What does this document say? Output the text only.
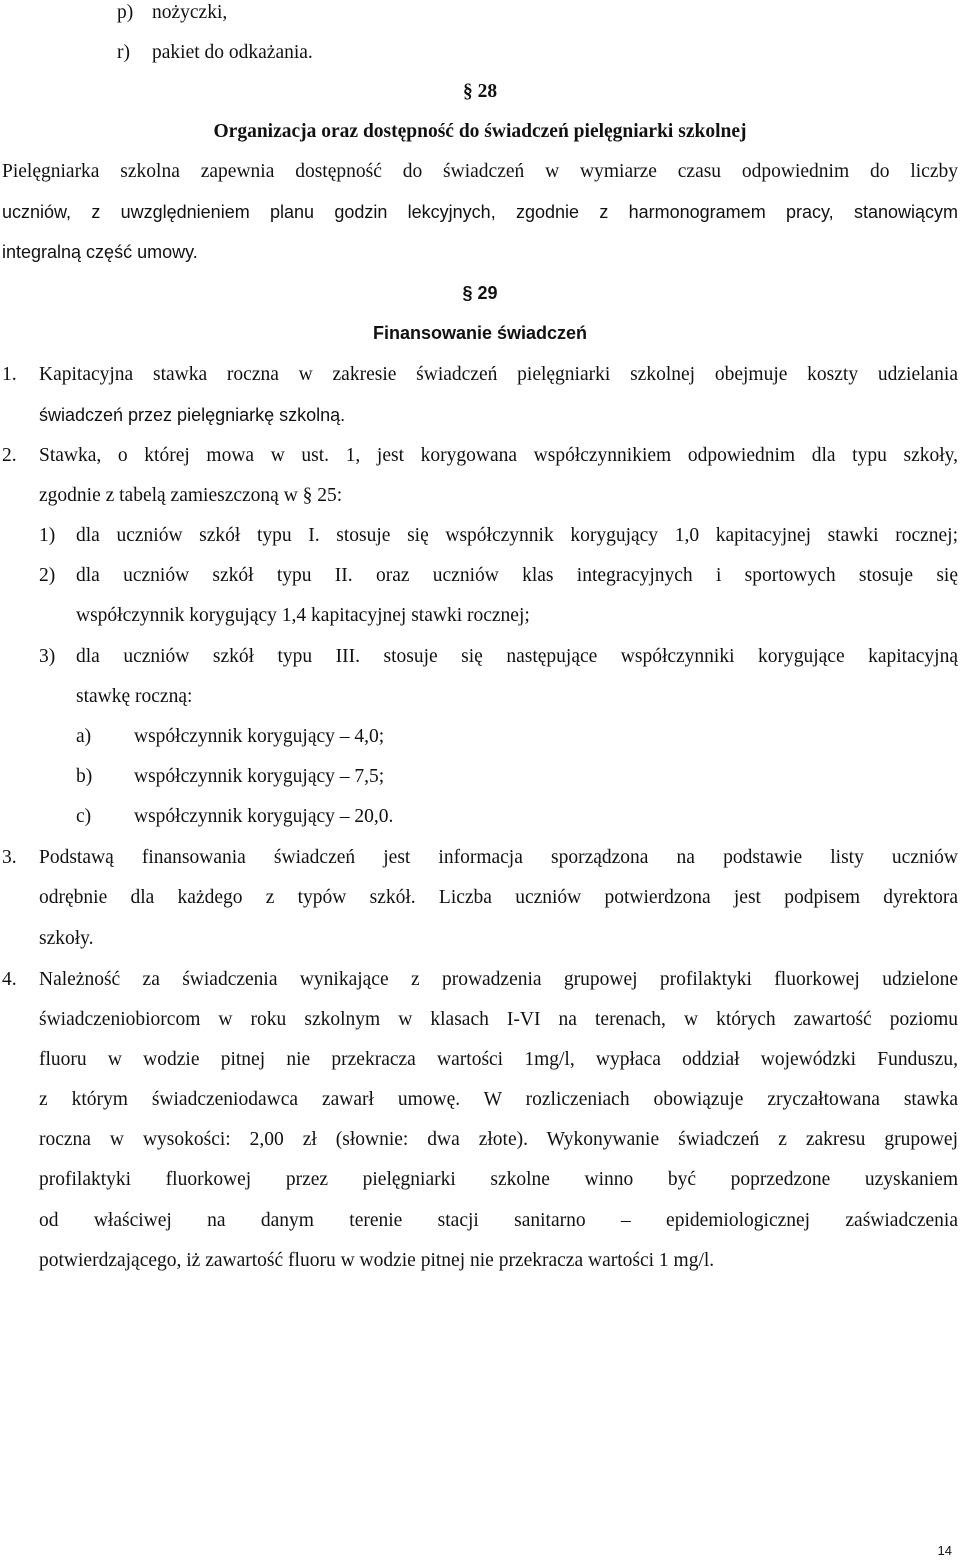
p) nożyczki,
r) pakiet do odkażania.
§ 28
Organizacja oraz dostępność do świadczeń pielęgniarki szkolnej
Pielęgniarka szkolna zapewnia dostępność do świadczeń w wymiarze czasu odpowiednim do liczby
uczniów, z uwzględnieniem planu godzin lekcyjnych, zgodnie z harmonogramem pracy, stanowiącym
integralną część umowy.
§ 29
Finansowanie świadczeń
1. Kapitacyjna stawka roczna w zakresie świadczeń pielęgniarki szkolnej obejmuje koszty udzielania
świadczeń przez pielęgniarkę szkolną.
2. Stawka, o której mowa w ust. 1, jest korygowana współczynnikiem odpowiednim dla typu szkoły,
zgodnie z tabelą zamieszczoną w § 25:
1) dla uczniów szkół typu I. stosuje się współczynnik korygujący 1,0 kapitacyjnej stawki rocznej;
2) dla uczniów szkół typu II. oraz uczniów klas integracyjnych i sportowych stosuje się
współczynnik korygujący 1,4 kapitacyjnej stawki rocznej;
3) dla uczniów szkół typu III. stosuje się następujące współczynniki korygujące kapitacyjną
stawkę roczną:
a) współczynnik korygujący – 4,0;
b) współczynnik korygujący – 7,5;
c) współczynnik korygujący – 20,0.
3. Podstawą finansowania świadczeń jest informacja sporządzona na podstawie listy uczniów
odrębnie dla każdego z typów szkół. Liczba uczniów potwierdzona jest podpisem dyrektora
szkoły.
4. Należność za świadczenia wynikające z prowadzenia grupowej profilaktyki fluorkowej udzielone
świadczeniobiorcom w roku szkolnym w klasach I-VI na terenach, w których zawartość poziomu
fluoru w wodzie pitnej nie przekracza wartości 1mg/l, wypłaca oddział wojewódzki Funduszu,
z którym świadczeniodawca zawarł umowę. W rozliczeniach obowiązuje zryczałtowana stawka
roczna w wysokości: 2,00 zł (słownie: dwa złote). Wykonywanie świadczeń z zakresu grupowej
profilaktyki fluorkowej przez pielęgniarki szkolne winno być poprzedzone uzyskaniem
od właściwej na danym terenie stacji sanitarno – epidemiologicznej zaświadczenia
potwierdzającego, iż zawartość fluoru w wodzie pitnej nie przekracza wartości 1 mg/l.
14
